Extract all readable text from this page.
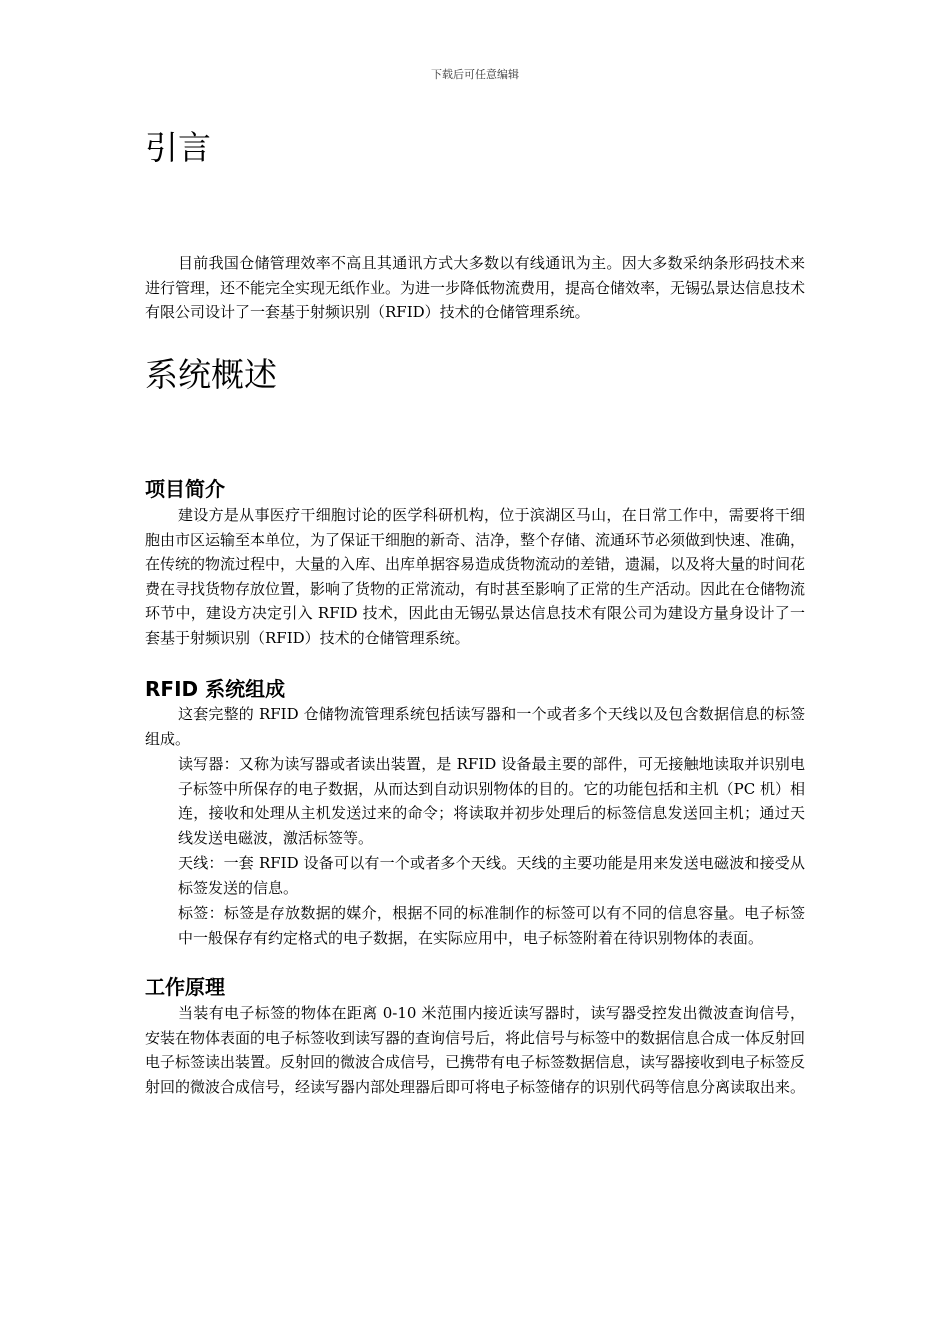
下载后可任意编辑
引言

目前我国仓储管理效率不高且其通讯方式大多数以有线通讯为主。因大多数采纳条形码技术来进行管理，还不能完全实现无纸作业。为进一步降低物流费用，提高仓储效率，无锡弘景达信息技术有限公司设计了一套基于射频识别（RFID）技术的仓储管理系统。

系统概述
项目简介

建设方是从事医疗干细胞讨论的医学科研机构，位于滨湖区马山，在日常工作中，需要将干细胞由市区运输至本单位，为了保证干细胞的新奇、洁净，整个存储、流通环节必须做到快速、准确，在传统的物流过程中，大量的入库、出库单据容易造成货物流动的差错，遗漏，以及将大量的时间花费在寻找货物存放位置，影响了货物的正常流动，有时甚至影响了正常的生产活动。因此在仓储物流环节中，建设方决定引入 RFID 技术，因此由无锡弘景达信息技术有限公司为建设方量身设计了一套基于射频识别（RFID）技术的仓储管理系统。

RFID 系统组成

这套完整的 RFID 仓储物流管理系统包括读写器和一个或者多个天线以及包含数据信息的标签组成。

读写器：又称为读写器或者读出装置，是 RFID 设备最主要的部件，可无接触地读取并识别电子标签中所保存的电子数据，从而达到自动识别物体的目的。它的功能包括和主机（PC 机）相连，接收和处理从主机发送过来的命令；将读取并初步处理后的标签信息发送回主机；通过天线发送电磁波，激活标签等。

天线：一套 RFID 设备可以有一个或者多个天线。天线的主要功能是用来发送电磁波和接受从标签发送的信息。

标签：标签是存放数据的媒介，根据不同的标准制作的标签可以有不同的信息容量。电子标签中一般保存有约定格式的电子数据，在实际应用中，电子标签附着在待识别物体的表面。

工作原理

当装有电子标签的物体在距离 0-10 米范围内接近读写器时，读写器受控发出微波查询信号，安装在物体表面的电子标签收到读写器的查询信号后，将此信号与标签中的数据信息合成一体反射回电子标签读出装置。反射回的微波合成信号，已携带有电子标签数据信息，读写器接收到电子标签反射回的微波合成信号，经读写器内部处理器后即可将电子标签储存的识别代码等信息分离读取出来。
